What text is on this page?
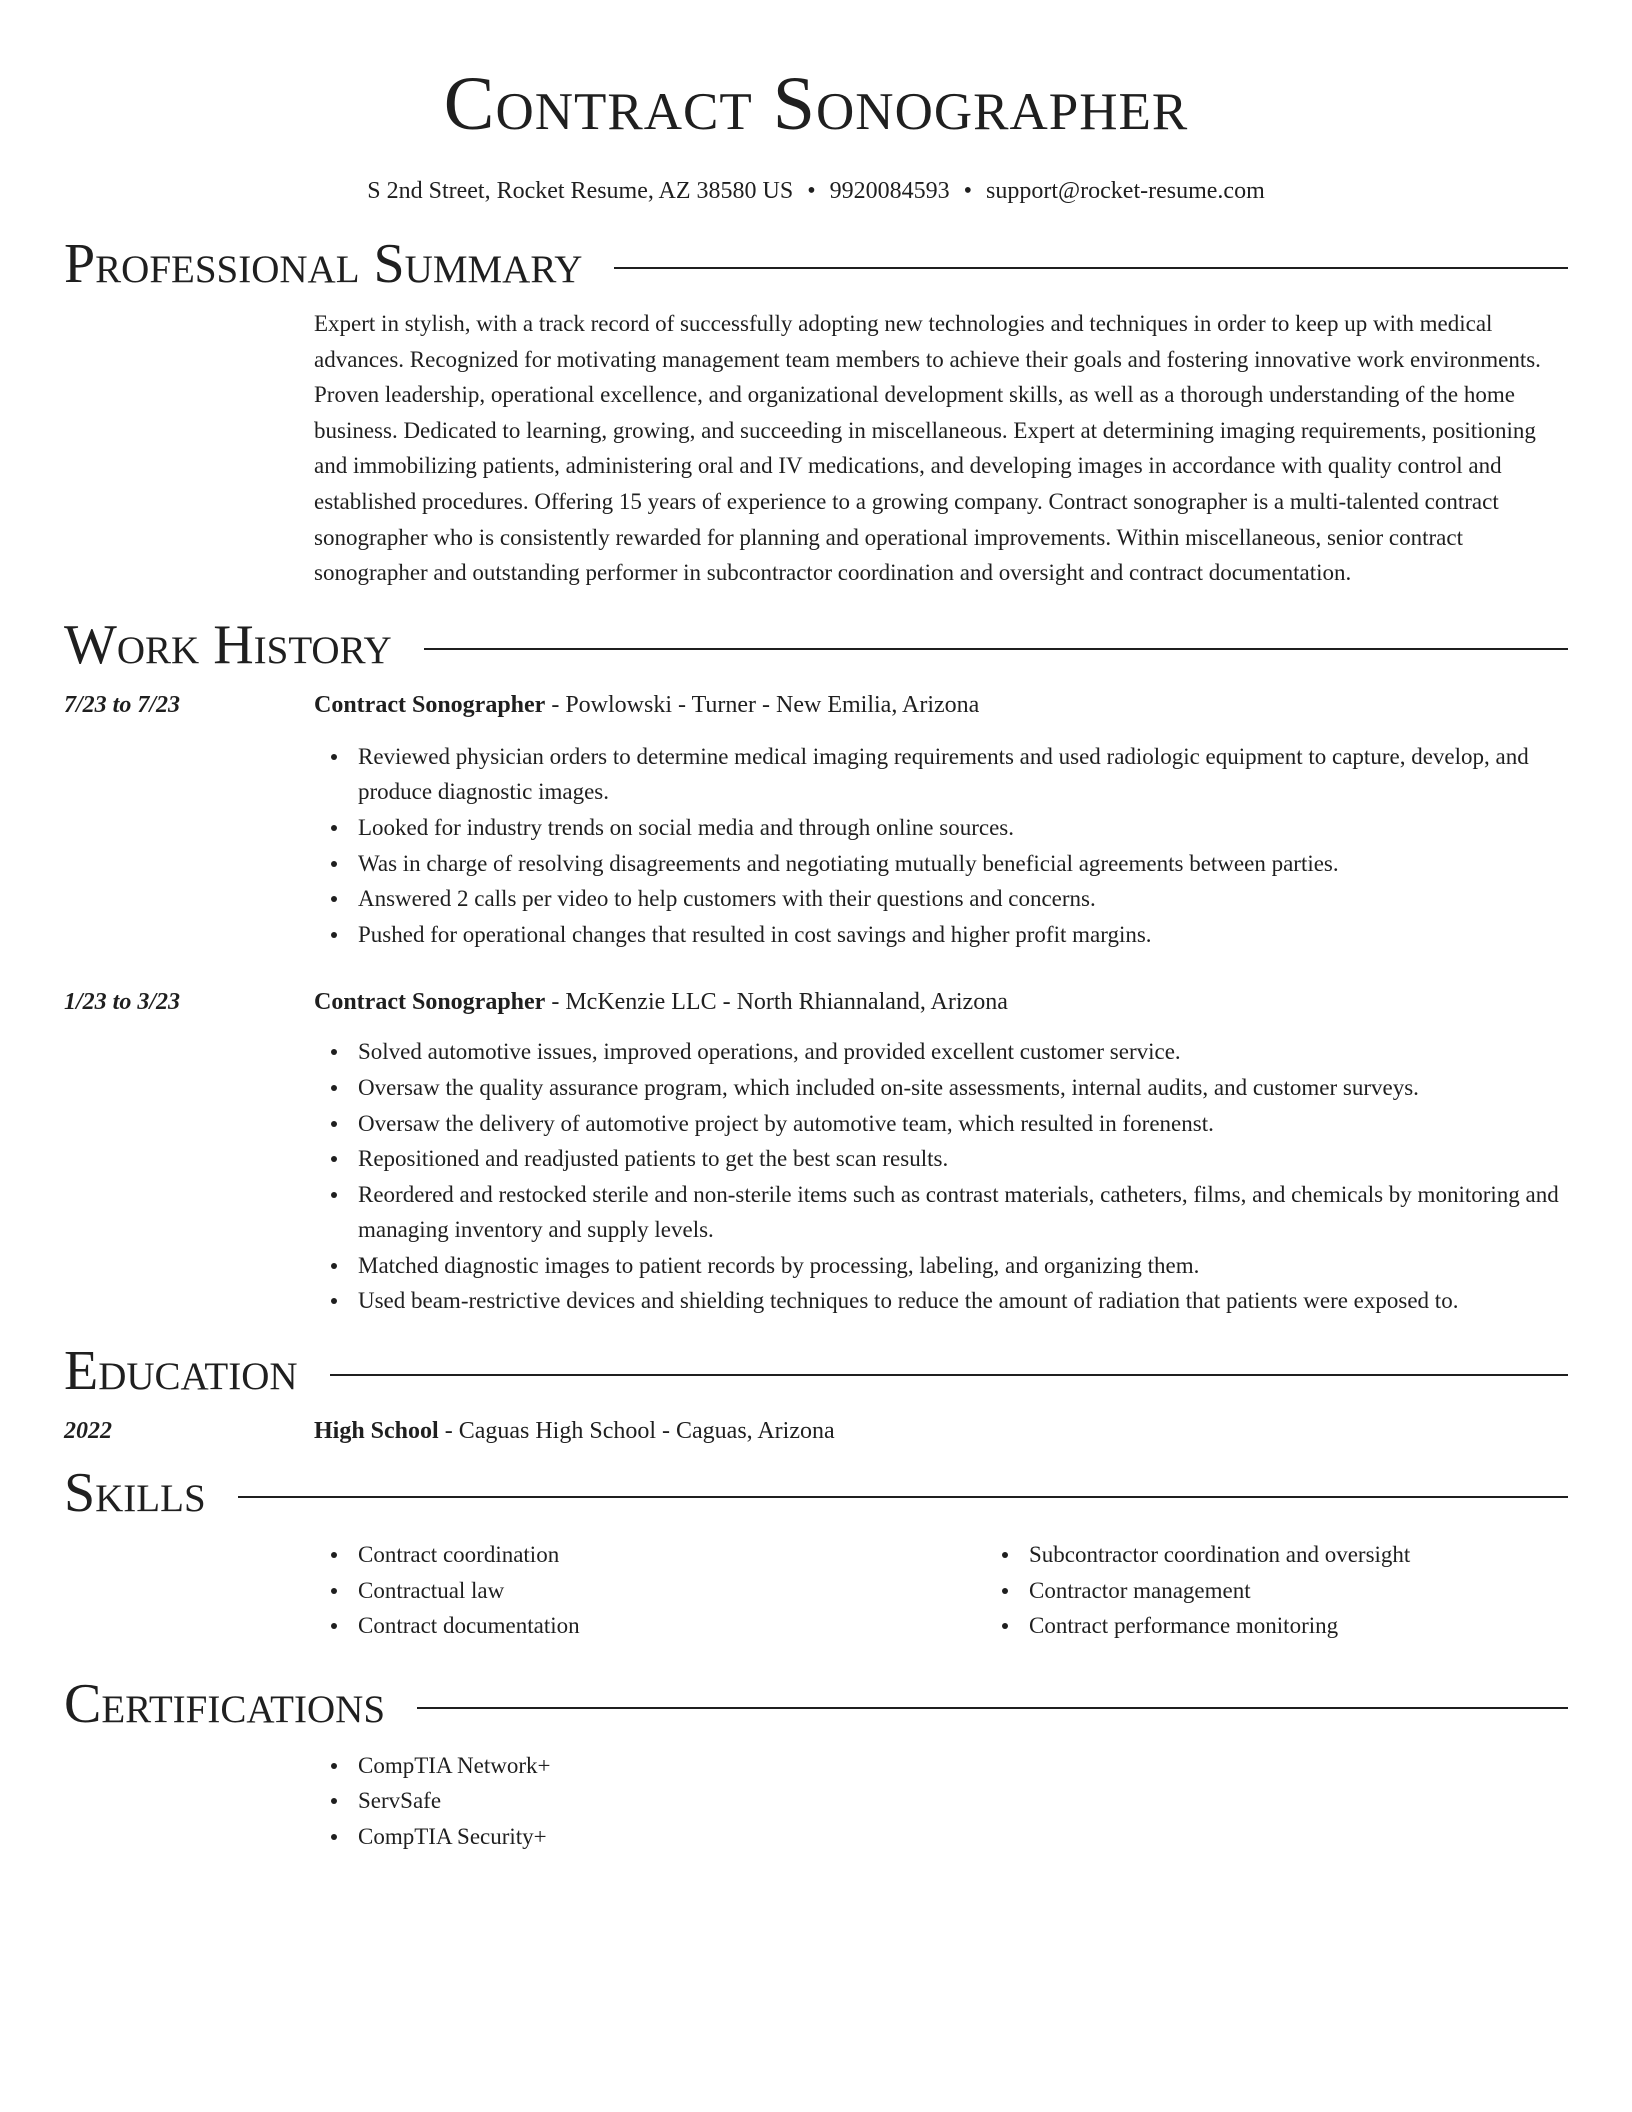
Contract Sonographer
S 2nd Street, Rocket Resume, AZ 38580 US • 9920084593 • support@rocket-resume.com
Professional Summary

Expert in stylish, with a track record of successfully adopting new technologies and techniques in order to keep up with medical advances. Recognized for motivating management team members to achieve their goals and fostering innovative work environments. Proven leadership, operational excellence, and organizational development skills, as well as a thorough understanding of the home business. Dedicated to learning, growing, and succeeding in miscellaneous. Expert at determining imaging requirements, positioning and immobilizing patients, administering oral and IV medications, and developing images in accordance with quality control and established procedures. Offering 15 years of experience to a growing company. Contract sonographer is a multi-talented contract sonographer who is consistently rewarded for planning and operational improvements. Within miscellaneous, senior contract sonographer and outstanding performer in subcontractor coordination and oversight and contract documentation.

Work History
7/23 to 7/23	Contract Sonographer - Powlowski - Turner - New Emilia, Arizona
Reviewed physician orders to determine medical imaging requirements and used radiologic equipment to capture, develop, and produce diagnostic images.
Looked for industry trends on social media and through online sources.
Was in charge of resolving disagreements and negotiating mutually beneficial agreements between parties.
Answered 2 calls per video to help customers with their questions and concerns.
Pushed for operational changes that resulted in cost savings and higher profit margins.
1/23 to 3/23	Contract Sonographer - McKenzie LLC - North Rhiannaland, Arizona
Solved automotive issues, improved operations, and provided excellent customer service.
Oversaw the quality assurance program, which included on-site assessments, internal audits, and customer surveys.
Oversaw the delivery of automotive project by automotive team, which resulted in forenenst.
Repositioned and readjusted patients to get the best scan results.
Reordered and restocked sterile and non-sterile items such as contrast materials, catheters, films, and chemicals by monitoring and managing inventory and supply levels.
Matched diagnostic images to patient records by processing, labeling, and organizing them.
Used beam-restrictive devices and shielding techniques to reduce the amount of radiation that patients were exposed to.
Education
2022	High School - Caguas High School - Caguas, Arizona
Skills
Contract coordination
Contractual law
Contract documentation
Subcontractor coordination and oversight
Contractor management
Contract performance monitoring
Certifications
CompTIA Network+
ServSafe
CompTIA Security+
